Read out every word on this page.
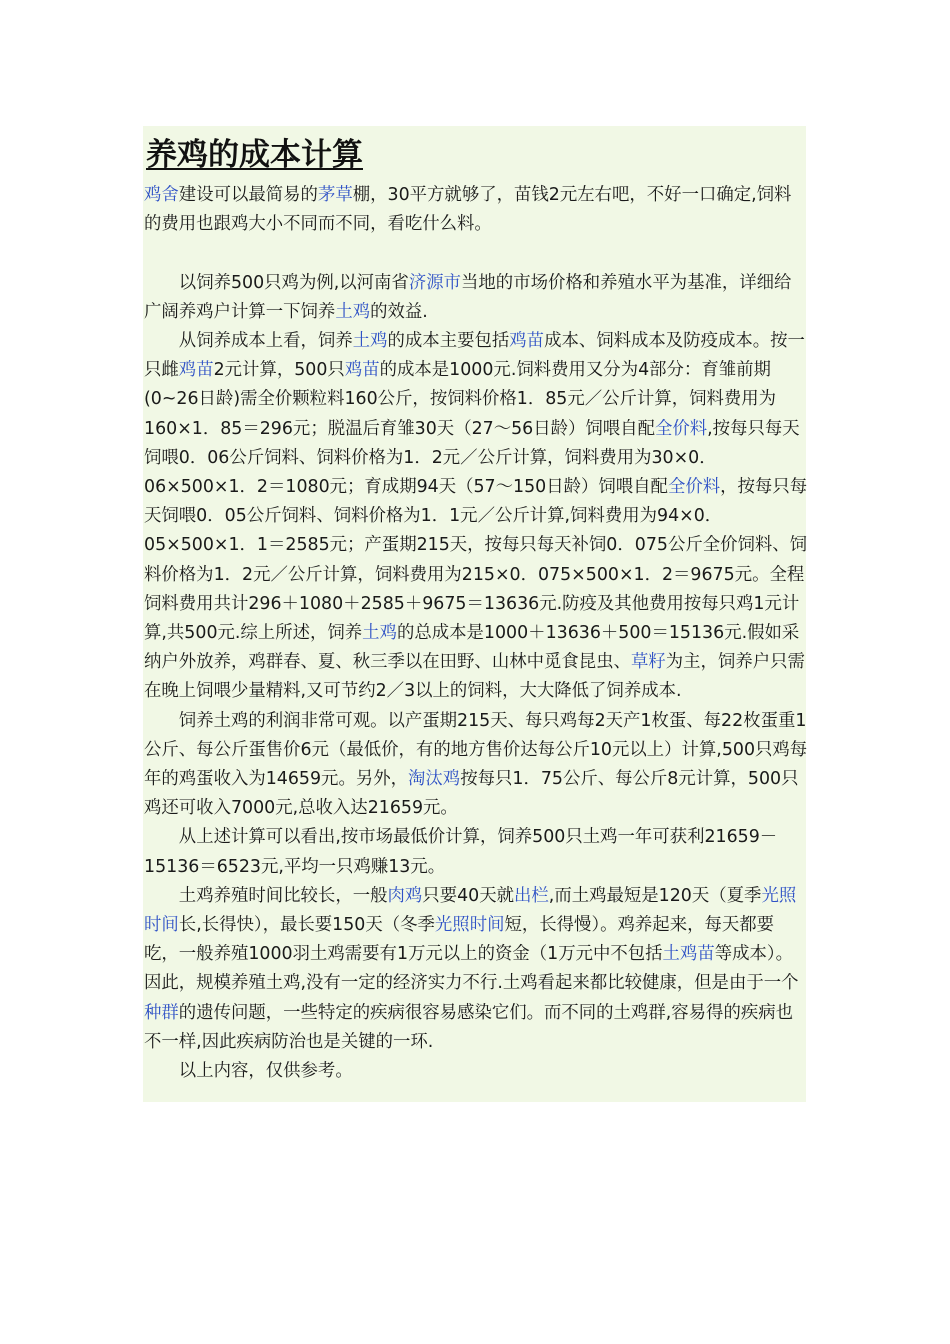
养鸡的成本计算

鸡舍建设可以最简易的茅草棚，30平方就够了，苗钱2元左右吧，不好一口确定,饲料的费用也跟鸡大小不同而不同，看吃什么料。

以饲养500只鸡为例,以河南省济源市当地的市场价格和养殖水平为基准，详细给广阔养鸡户计算一下饲养土鸡的效益.

从饲养成本上看，饲养土鸡的成本主要包括鸡苗成本、饲料成本及防疫成本。按一只雌鸡苗2元计算，500只鸡苗的成本是1000元.饲料费用又分为4部分：育雏前期(0~26日龄)需全价颗粒料160公斤，按饲料价格1．85元／公斤计算，饲料费用为160×1．85＝296元；脱温后育雏30天（27～56日龄）饲喂自配全价料,按每只每天饲喂0．06公斤饲料、饲料价格为1．2元／公斤计算，饲料费用为30×0．06×500×1．2＝1080元；育成期94天（57～150日龄）饲喂自配全价料，按每只每天饲喂0．05公斤饲料、饲料价格为1．1元／公斤计算,饲料费用为94×0．05×500×1．1＝2585元；产蛋期215天，按每只每天补饲0．075公斤全价饲料、饲料价格为1．2元／公斤计算，饲料费用为215×0．075×500×1．2＝9675元。全程饲料费用共计296＋1080＋2585＋9675＝13636元.防疫及其他费用按每只鸡1元计算,共500元.综上所述，饲养土鸡的总成本是1000＋13636＋500＝15136元.假如采纳户外放养，鸡群春、夏、秋三季以在田野、山林中觅食昆虫、草籽为主，饲养户只需在晚上饲喂少量精料,又可节约2／3以上的饲料，大大降低了饲养成本.

饲养土鸡的利润非常可观。以产蛋期215天、每只鸡每2天产1枚蛋、每22枚蛋重1公斤、每公斤蛋售价6元（最低价，有的地方售价达每公斤10元以上）计算,500只鸡每年的鸡蛋收入为14659元。另外，淘汰鸡按每只1．75公斤、每公斤8元计算，500只鸡还可收入7000元,总收入达21659元。

从上述计算可以看出,按市场最低价计算，饲养500只土鸡一年可获利21659－15136＝6523元,平均一只鸡赚13元。

土鸡养殖时间比较长，一般肉鸡只要40天就出栏,而土鸡最短是120天（夏季光照时间长,长得快），最长要150天（冬季光照时间短，长得慢）。鸡养起来，每天都要吃，一般养殖1000羽土鸡需要有1万元以上的资金（1万元中不包括土鸡苗等成本）。因此，规模养殖土鸡,没有一定的经济实力不行.土鸡看起来都比较健康，但是由于一个种群的遗传问题，一些特定的疾病很容易感染它们。而不同的土鸡群,容易得的疾病也不一样,因此疾病防治也是关键的一环.

以上内容，仅供参考。
